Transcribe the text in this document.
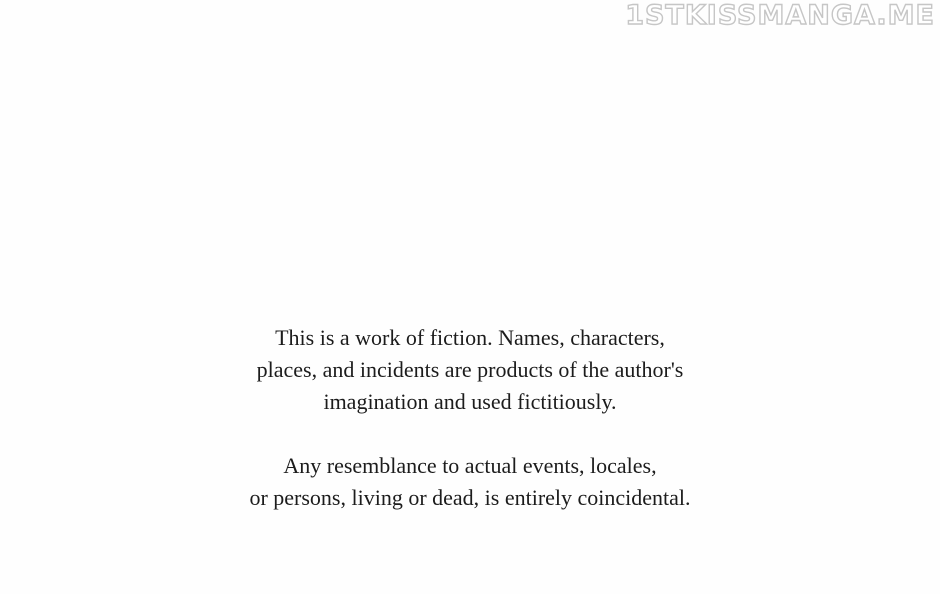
1STKISSMANGA.ME

This is a work of fiction. Names, characters,
places, and incidents are products of the author's
imagination and used fictitiously.

Any resemblance to actual events, locales,
or persons, living or dead, is entirely coincidental.
